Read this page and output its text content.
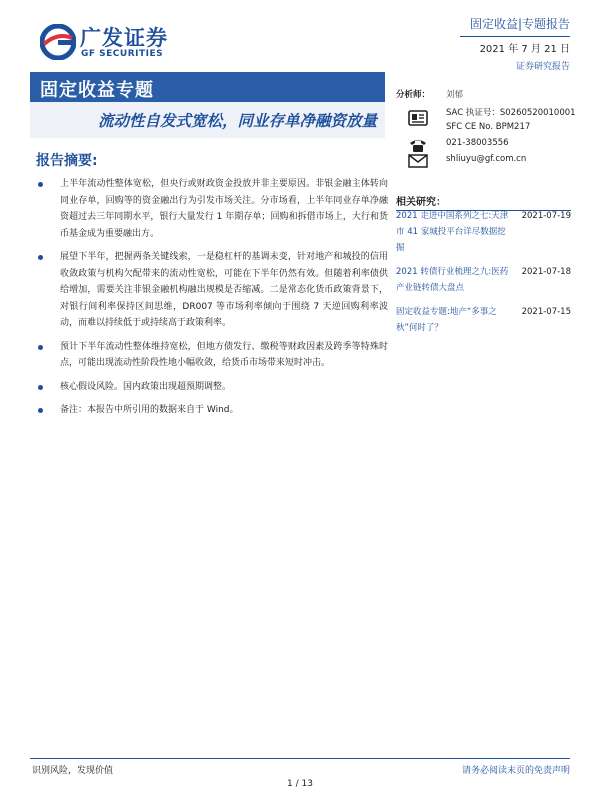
广发证券
GF SECURITIES
固定收益|专题报告
2021 年 7 月 21 日
证券研究报告
固定收益专题
流动性自发式宽松，同业存单净融资放量
报告摘要:
上半年流动性整体宽松，但央行或财政资金投放并非主要原因。非银金融主体转向同业存单，回购等的资金融出行为引发市场关注。分市场看，上半年同业存单净融资超过去三年同期水平，银行大量发行 1 年期存单；回购和拆借市场上，大行和货币基金成为重要融出方。
展望下半年，把握两条关键线索，一是稳杠杆的基调未变，针对地产和城投的信用收敛政策与机构欠配带来的流动性宽松，可能在下半年仍然有效。但随着利率债供给增加，需要关注非银金融机构融出规模是否缩减。二是常态化货币政策背景下，对银行间利率保持区间思维，DR007 等市场利率倾向于围绕 7 天逆回购利率波动，而难以持续低于或持续高于政策利率。
预计下半年流动性整体维持宽松，但地方债发行、缴税等财政因素及跨季等特殊时点，可能出现流动性阶段性地小幅收敛，给货币市场带来短时冲击。
核心假设风险。国内政策出现超预期调整。
备注：本报告中所引用的数据来自于 Wind。
分析师： 刘郁
SAC 执证号：S0260520010001
SFC CE No. BPM217
021-38003556
shliuyu@gf.com.cn
相关研究：
2021 走进中国系列之七:天津市 41 家城投平台详尽数据挖掘
2021-07-19
2021 转债行业梳理之九:医药产业链转债大盘点
2021-07-18
固定收益专题:地产“多事之秋”何时了？
2021-07-15
识别风险，发现价值	请务必阅读末页的免责声明
1 / 13
